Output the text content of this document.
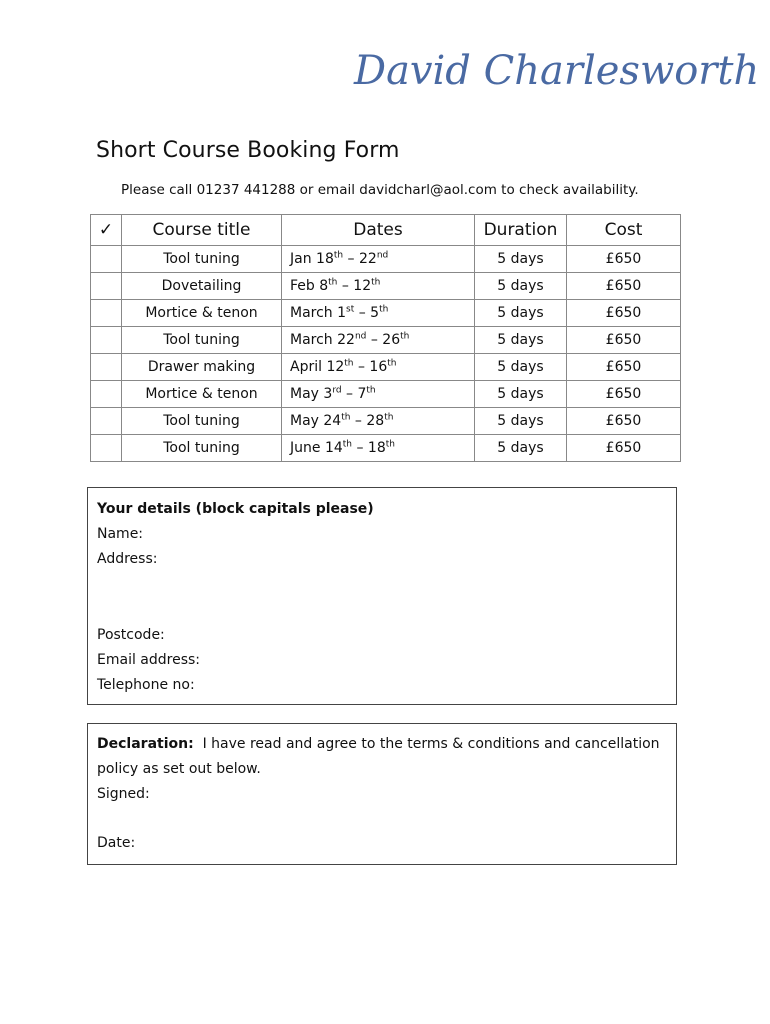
David Charlesworth
Short Course Booking Form
Please call 01237 441288 or email davidcharl@aol.com to check availability.
✓	Course title	Dates	Duration	Cost
	Tool tuning	Jan 18th – 22nd	5 days	£650
	Dovetailing	Feb 8th – 12th	5 days	£650
	Mortice & tenon	March 1st – 5th	5 days	£650
	Tool tuning	March 22nd – 26th	5 days	£650
	Drawer making	April 12th – 16th	5 days	£650
	Mortice & tenon	May 3rd – 7th	5 days	£650
	Tool tuning	May 24th – 28th	5 days	£650
	Tool tuning	June 14th – 18th	5 days	£650
Your details (block capitals please)
Name:
Address:
Postcode:
Email address:
Telephone no:
Declaration: I have read and agree to the terms & conditions and cancellation policy as set out below.
Signed:
Date:
